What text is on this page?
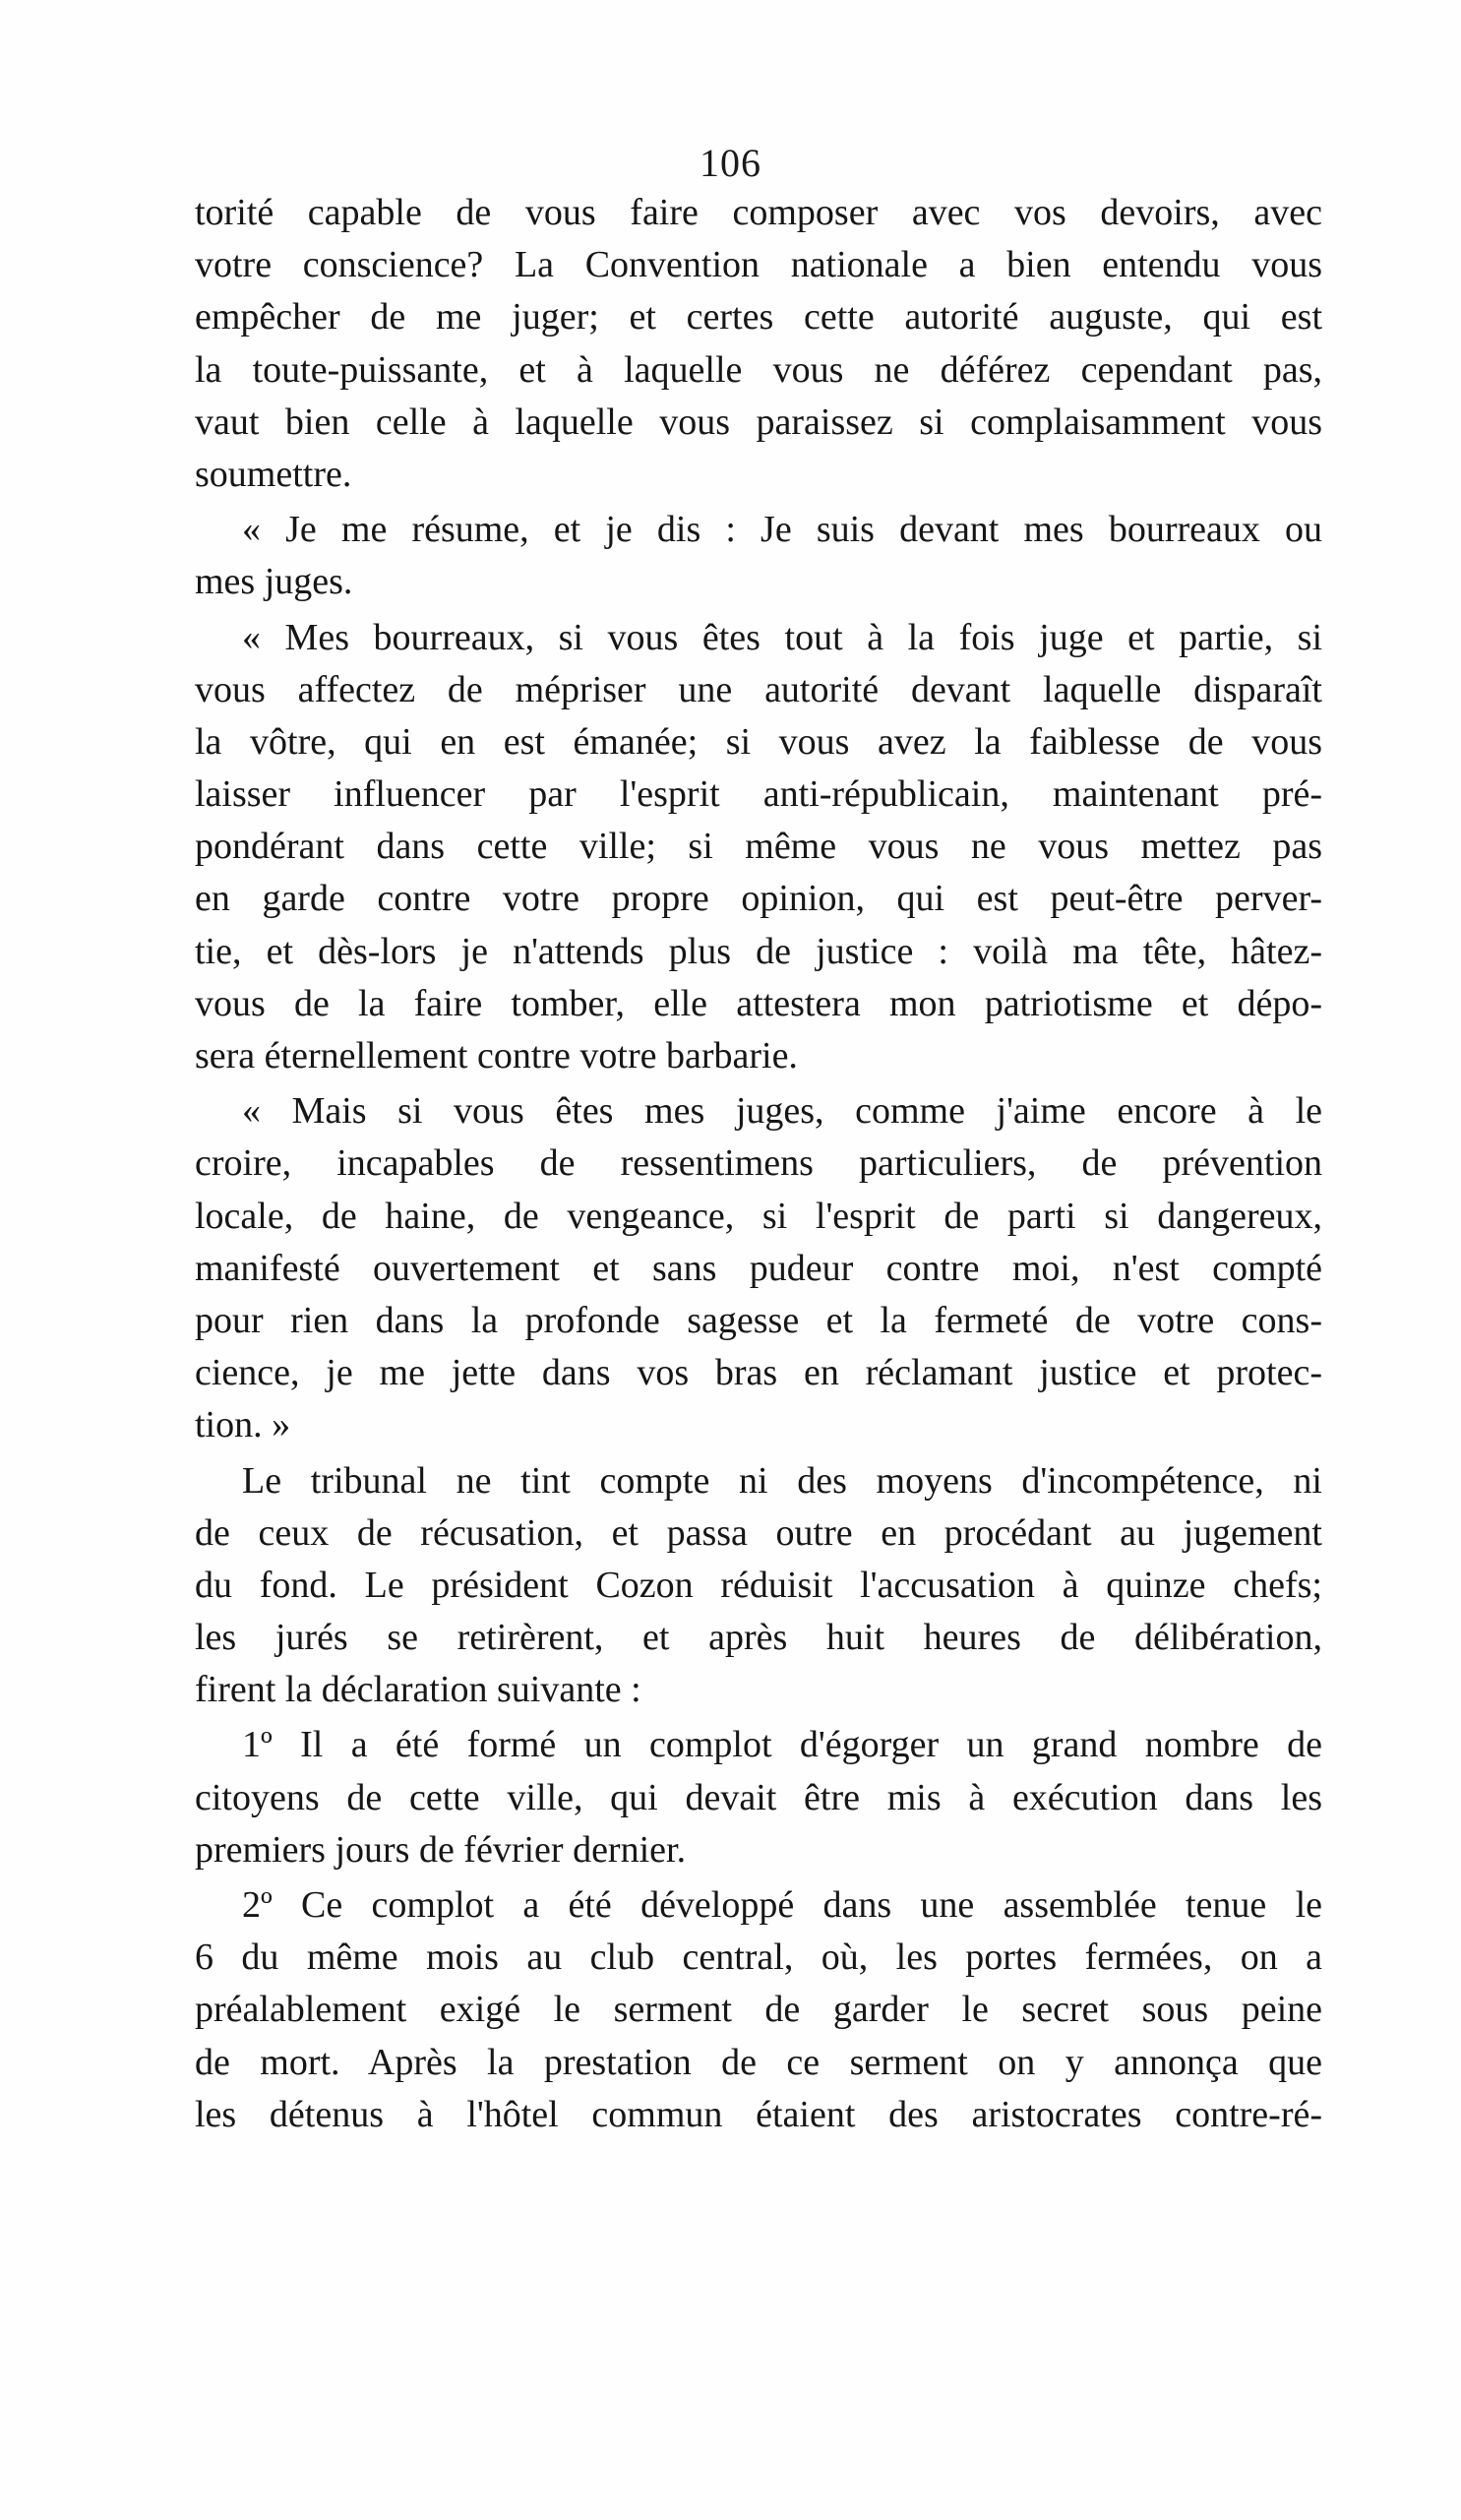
106
torité capable de vous faire composer avec vos devoirs, avec
votre conscience? La Convention nationale a bien entendu vous
empêcher de me juger; et certes cette autorité auguste, qui est
la toute-puissante, et à laquelle vous ne déférez cependant pas,
vaut bien celle à laquelle vous paraissez si complaisamment vous
soumettre.
« Je me résume, et je dis : Je suis devant mes bourreaux ou
mes juges.
« Mes bourreaux, si vous êtes tout à la fois juge et partie, si
vous affectez de mépriser une autorité devant laquelle disparaît
la vôtre, qui en est émanée; si vous avez la faiblesse de vous
laisser influencer par l'esprit anti-républicain, maintenant pré-
pondérant dans cette ville; si même vous ne vous mettez pas
en garde contre votre propre opinion, qui est peut-être perver-
tie, et dès-lors je n'attends plus de justice : voilà ma tête, hâtez-
vous de la faire tomber, elle attestera mon patriotisme et dépo-
sera éternellement contre votre barbarie.
« Mais si vous êtes mes juges, comme j'aime encore à le
croire, incapables de ressentimens particuliers, de prévention
locale, de haine, de vengeance, si l'esprit de parti si dangereux,
manifesté ouvertement et sans pudeur contre moi, n'est compté
pour rien dans la profonde sagesse et la fermeté de votre cons-
cience, je me jette dans vos bras en réclamant justice et protec-
tion. »
Le tribunal ne tint compte ni des moyens d'incompétence, ni
de ceux de récusation, et passa outre en procédant au jugement
du fond. Le président Cozon réduisit l'accusation à quinze chefs;
les jurés se retirèrent, et après huit heures de délibération,
firent la déclaration suivante :
1º Il a été formé un complot d'égorger un grand nombre de
citoyens de cette ville, qui devait être mis à exécution dans les
premiers jours de février dernier.
2º Ce complot a été développé dans une assemblée tenue le
6 du même mois au club central, où, les portes fermées, on a
préalablement exigé le serment de garder le secret sous peine
de mort. Après la prestation de ce serment on y annonça que
les détenus à l'hôtel commun étaient des aristocrates contre-ré-
